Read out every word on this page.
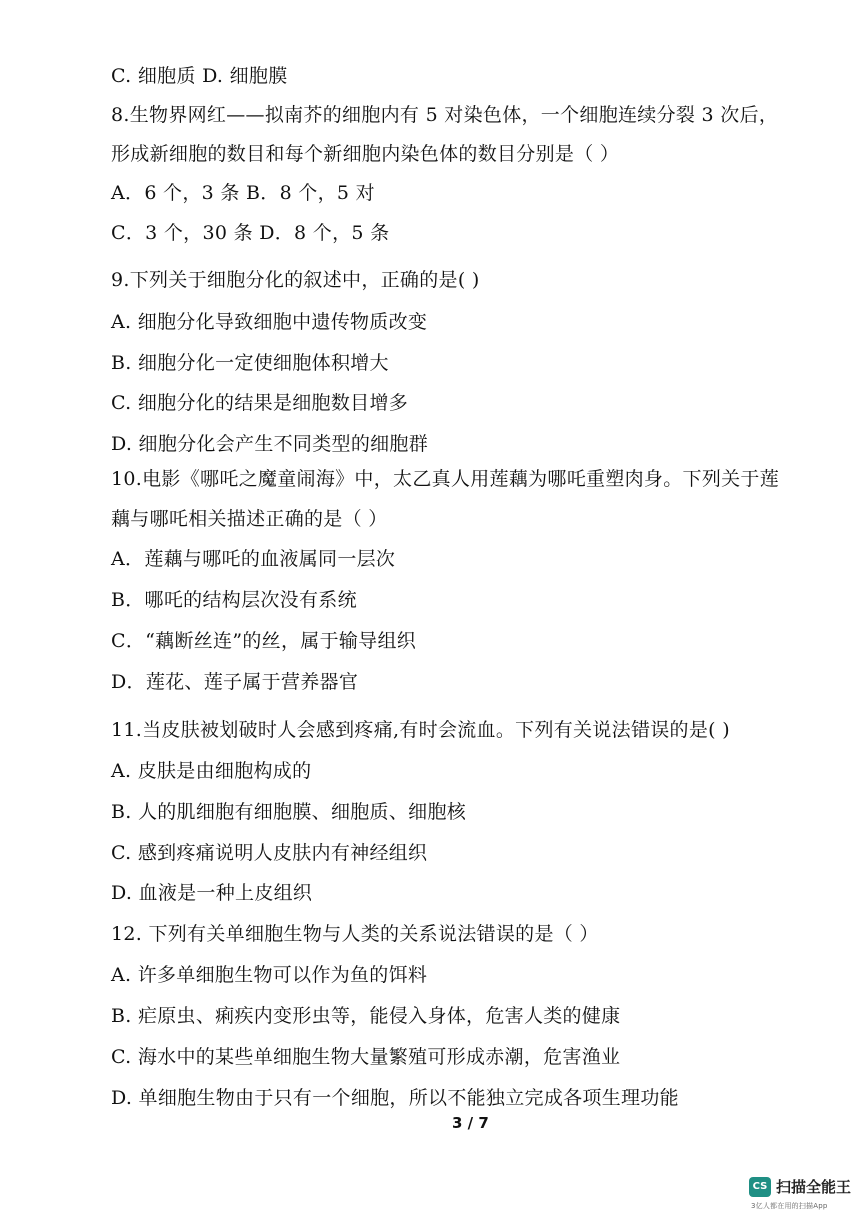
C. 细胞质 D. 细胞膜
8.生物界网红——拟南芥的细胞内有 5 对染色体，一个细胞连续分裂 3 次后，
形成新细胞的数目和每个新细胞内染色体的数目分别是（ ）
A．6 个，3 条 B．8 个，5 对
C．3 个，30 条 D．8 个，5 条
9.下列关于细胞分化的叙述中，正确的是( )
A. 细胞分化导致细胞中遗传物质改变
B. 细胞分化一定使细胞体积增大
C. 细胞分化的结果是细胞数目增多
D. 细胞分化会产生不同类型的细胞群
10.电影《哪吒之魔童闹海》中，太乙真人用莲藕为哪吒重塑肉身。下列关于莲
藕与哪吒相关描述正确的是（ ）
A．莲藕与哪吒的血液属同一层次
B．哪吒的结构层次没有系统
C．“藕断丝连”的丝，属于输导组织
D．莲花、莲子属于营养器官
11.当皮肤被划破时人会感到疼痛,有时会流血。下列有关说法错误的是( )
A. 皮肤是由细胞构成的
B. 人的肌细胞有细胞膜、细胞质、细胞核
C. 感到疼痛说明人皮肤内有神经组织
D. 血液是一种上皮组织
12. 下列有关单细胞生物与人类的关系说法错误的是（ ）
A. 许多单细胞生物可以作为鱼的饵料
B. 疟原虫、痢疾内变形虫等，能侵入身体，危害人类的健康
C. 海水中的某些单细胞生物大量繁殖可形成赤潮，危害渔业
D. 单细胞生物由于只有一个细胞，所以不能独立完成各项生理功能
3 / 7
CS 扫描全能王
3亿人都在用的扫描App
